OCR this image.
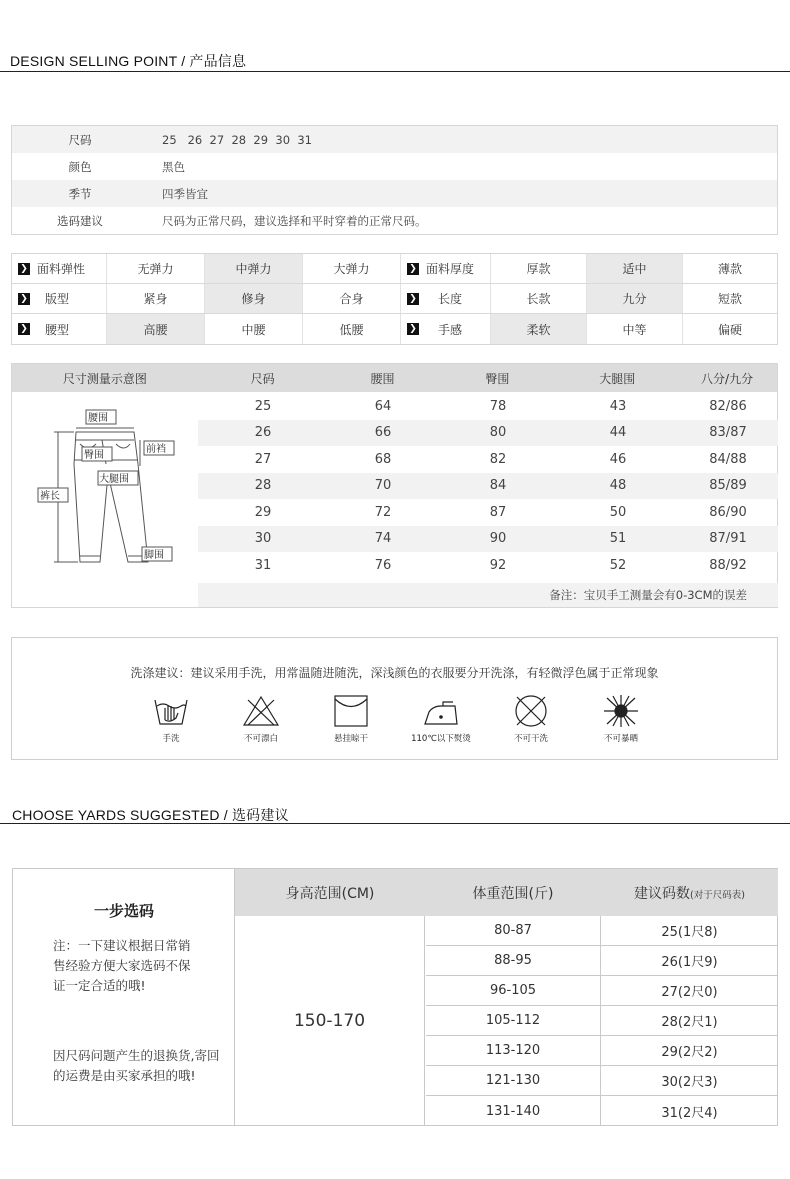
DESIGN SELLING POINT / 产品信息
尺码	25   26  27  28  29  30  31
颜色	黑色
季节	四季皆宜
选码建议	尺码为正常尺码，建议选择和平时穿着的正常尺码。
❯ 面料弹性	无弹力	中弹力	大弹力	❯ 面料厚度	厚款	适中	薄款
❯	版型	紧身	修身	合身	❯	长度	长款	九分	短款
❯	腰型	高腰	中腰	低腰	❯	手感	柔软	中等	偏硬
尺寸测量示意图	尺码	腰围	臀围	大腿围	八分/九分
腰围
前裆
臀围
大腿围
裤长
脚围
25	64	78	43	82/86
26	66	80	44	83/87
27	68	82	46	84/88
28	70	84	48	85/89
29	72	87	50	86/90
30	74	90	51	87/91
31	76	92	52	88/92
备注：宝贝手工测量会有0-3CM的误差
洗涤建议：建议采用手洗，用常温随进随洗，深浅颜色的衣服要分开洗涤，有轻微浮色属于正常现象
手洗	不可漂白	悬挂晾干	110℃以下熨烫	不可干洗	不可暴晒
CHOOSE YARDS SUGGESTED / 选码建议
一步选码
注：一下建议根据日常销售经验方便大家选码不保证一定合适的哦!
因尺码问题产生的退换货,寄回的运费是由买家承担的哦!
身高范围(CM)	体重范围(斤)	建议码数(对于尺码表)
150-170
80-87	25(1尺8)
88-95	26(1尺9)
96-105	27(2尺0)
105-112	28(2尺1)
113-120	29(2尺2)
121-130	30(2尺3)
131-140	31(2尺4)
